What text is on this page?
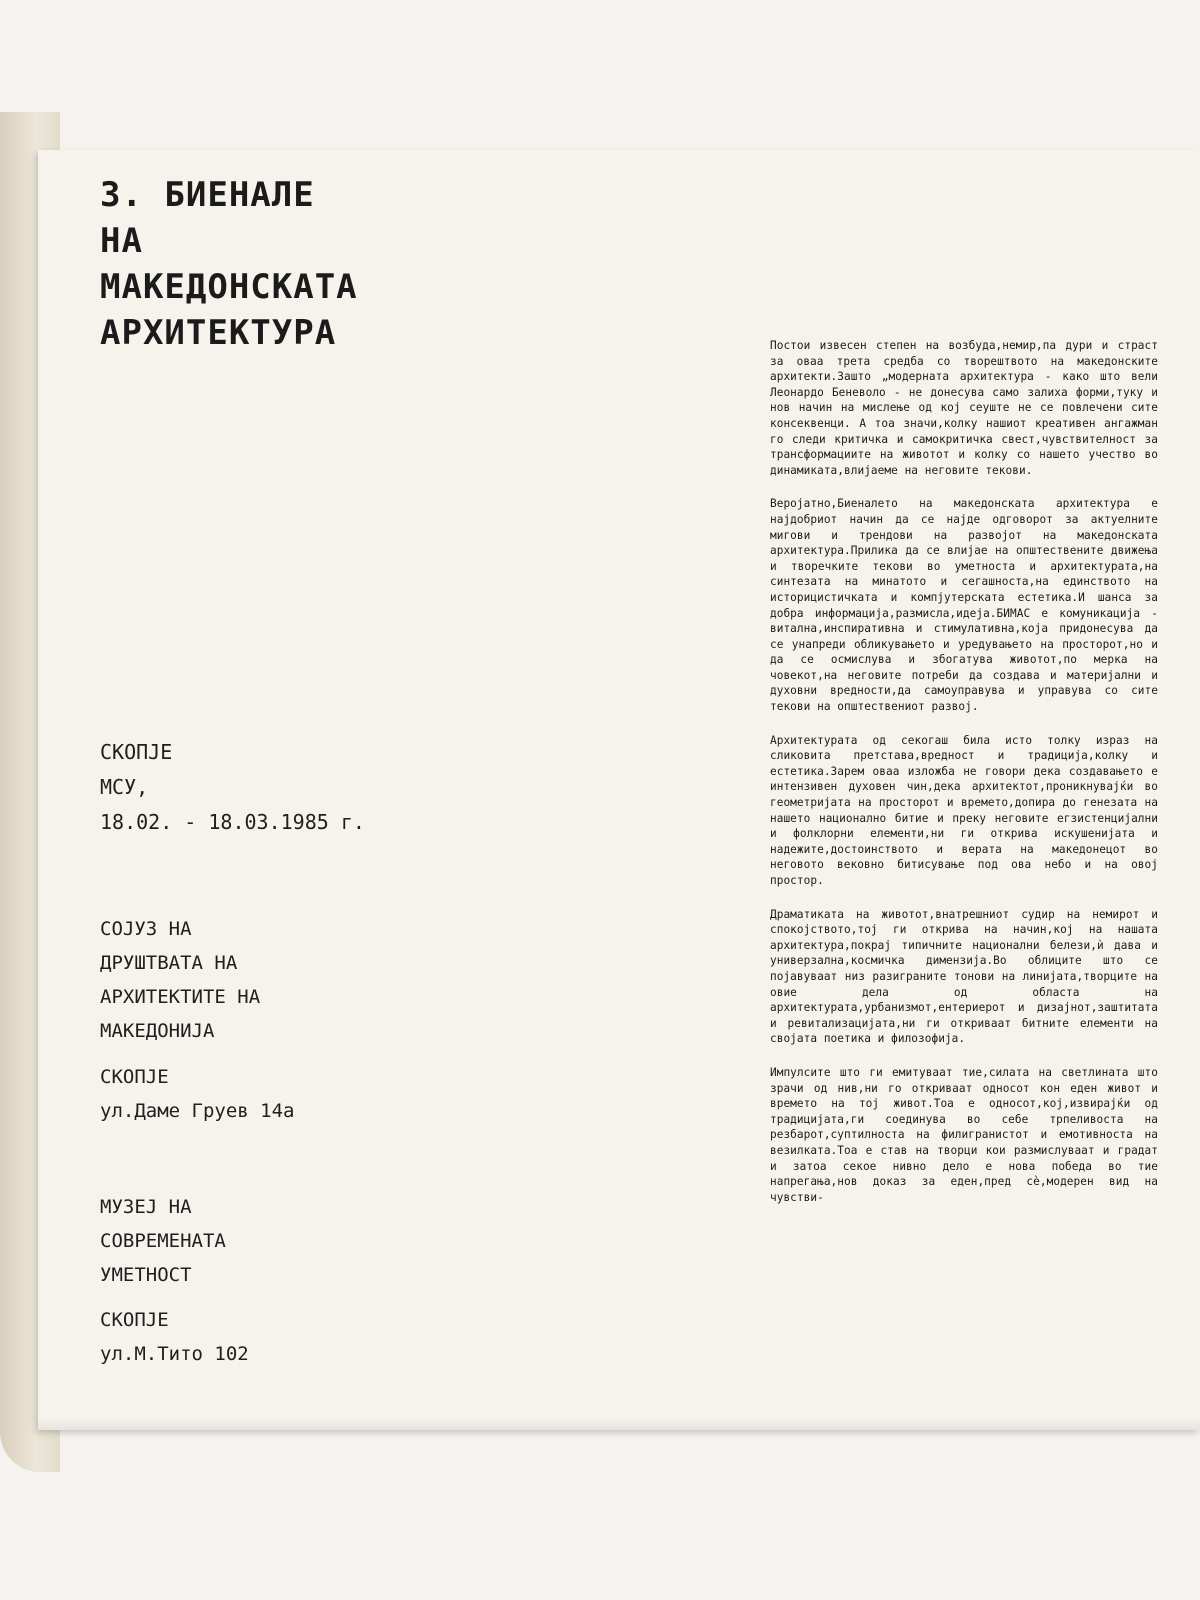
3. БИЕНАЛЕ
НА
МАКЕДОНСКАТА
АРХИТЕКТУРА
СКОПЈЕ
МСУ,
18.02. - 18.03.1985 г.
СОЈУЗ НА
ДРУШТВАТА НА
АРХИТЕКТИТЕ НА
МАКЕДОНИЈА
СКОПЈЕ
ул.Даме Груев 14а
МУЗЕЈ НА
СОВРЕМЕНАТА
УМЕТНОСТ
СКОПЈЕ
ул.М.Тито 102

Постои извесен степен на возбуда,немир,па дури и страст за оваа трета средба со творештвото на македонските архитекти.Зашто „модерната архитектура - како што вели Леонардо Беневоло - не донесува само залиха форми,туку и нов начин на мислење од кој сеуште не се повлечени сите консеквенци. А тоа значи,колку нашиот креативен ангажман го следи критичка и самокритичка свест,чувствителност за трансформациите на животот и колку со нашето учество во динамиката,влијаеме на неговите текови.

Веројатно,Биеналето на македонската архитектура е најдобриот начин да се најде одговорот за актуелните мигови и трендови на развојот на македонската архитектура.Прилика да се влијае на општествените движења и творечките текови во уметноста и архитектурата,на синтезата на минатото и сегашноста,на единството на историцистичката и компјутерската естетика.И шанса за добра информација,размисла,идеја.БИМАС е комуникација - витална,инспиративна и стимулативна,која придонесува да се унапреди обликувањето и уредувањето на просторот,но и да се осмислува и збогатува животот,по мерка на човекот,на неговите потреби да создава и материјални и духовни вредности,да самоуправува и управува со сите текови на општествениот развој.

Архитектурата од секогаш била исто толку израз на сликовита претстава,вредност и традиција,колку и естетика.Зарем оваа изложба не говори дека создавањето е интензивен духовен чин,дека архитектот,проникнувајќи во геометријата на просторот и времето,допира до генезата на нашето национално битие и преку неговите егзистенцијални и фолклорни елементи,ни ги открива искушенијата и надежите,достоинството и верата на македонецот во неговото вековно битисување под ова небо и на овој простор.

Драматиката на животот,внатрешниот судир на немирот и спокојството,тој ги открива на начин,кој на нашата архитектура,покрај типичните национални белези,ѝ дава и универзална,космичка димензија.Во облиците што се појавуваат низ разиграните тонови на линијата,творците на овие дела од областа на архитектурата,урбанизмот,ентериерот и дизајнот,заштитата и ревитализацијата,ни ги откриваат битните елементи на својата поетика и филозофија.

Импулсите што ги емитуваат тие,силата на светлината што зрачи од нив,ни го откриваат односот кон еден живот и времето на тој живот.Тоа е односот,кој,извирајќи од традицијата,ги соединува во себе трпеливоста на резбарот,суптилноста на филигранистот и емотивноста на везилката.Тоа е став на творци кои размислуваат и градат и затоа секое нивно дело е нова победа во тие напрегања,нов доказ за еден,пред сè,модерен вид на чувстви-
